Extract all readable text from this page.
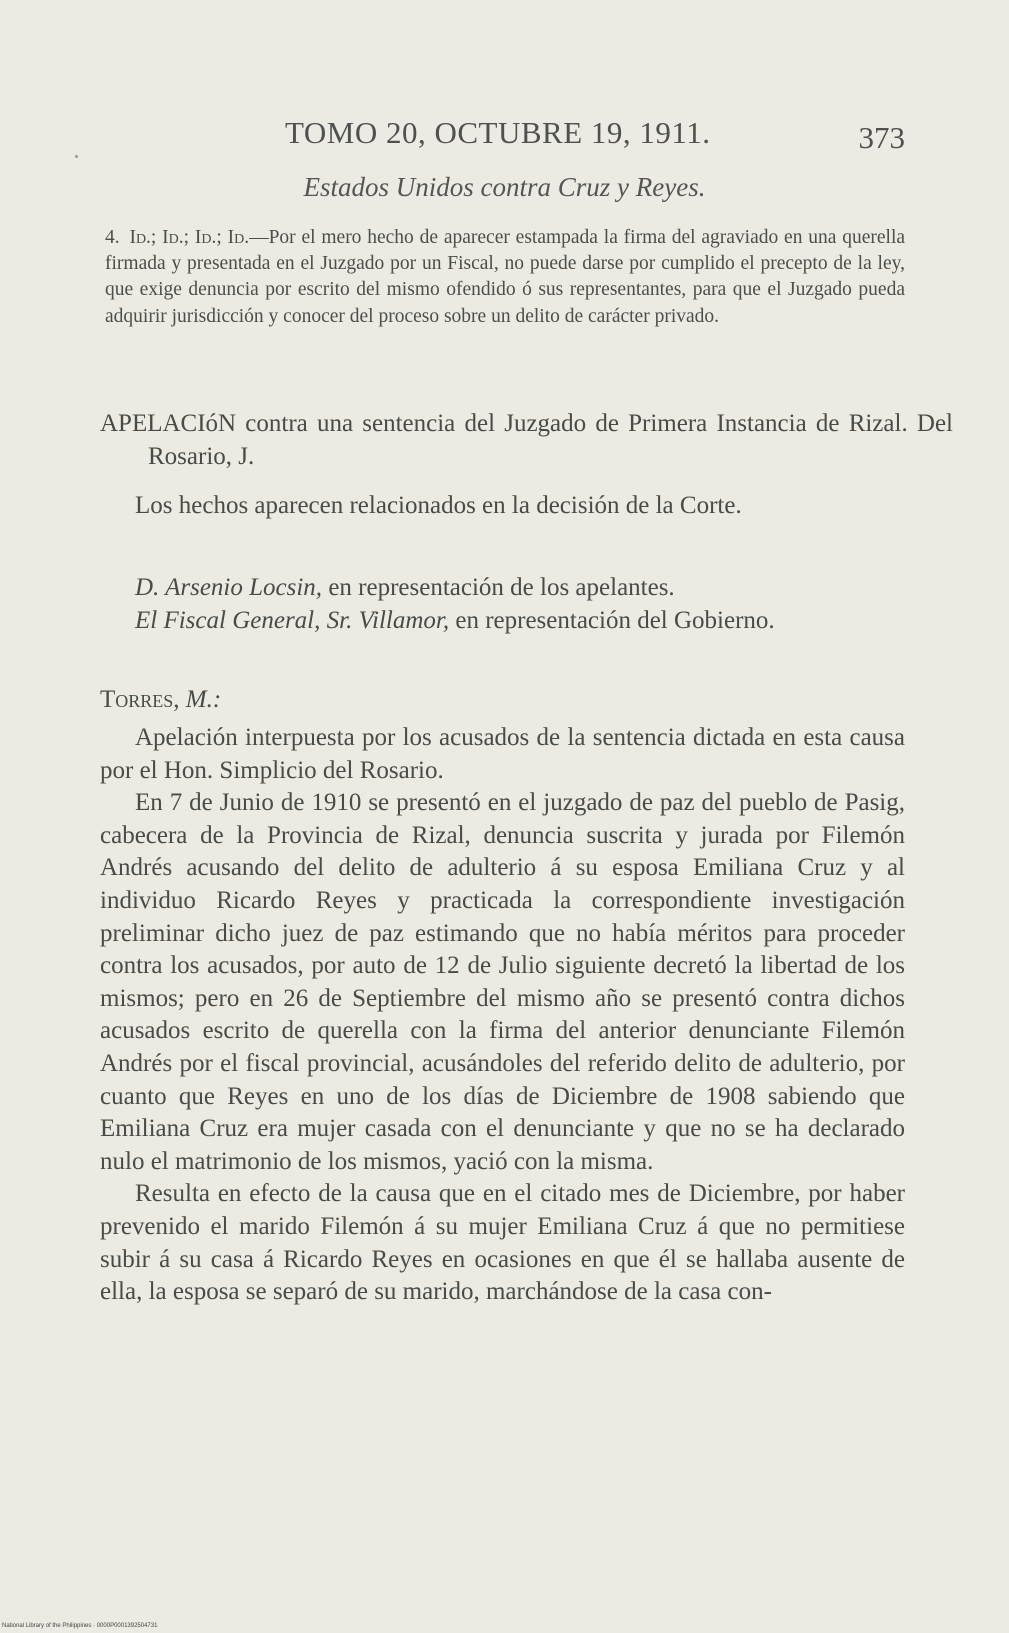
TOMO 20, OCTUBRE 19, 1911.	373
Estados Unidos contra Cruz y Reyes.
4. Id.; Id.; Id.; Id.—Por el mero hecho de aparecer estampada la firma del agraviado en una querella firmada y presentada en el Juzgado por un Fiscal, no puede darse por cumplido el precepto de la ley, que exige denuncia por escrito del mismo ofendido ó sus representantes, para que el Juzgado pueda adquirir jurisdicción y conocer del proceso sobre un delito de carácter privado.
APELACIóN contra una sentencia del Juzgado de Primera Instancia de Rizal. Del Rosario, J.
Los hechos aparecen relacionados en la decisión de la Corte.

D. Arsenio Locsin, en representación de los apelantes.

El Fiscal General, Sr. Villamor, en representación del Gobierno.

Torres, M.:

Apelación interpuesta por los acusados de la sentencia dictada en esta causa por el Hon. Simplicio del Rosario.

En 7 de Junio de 1910 se presentó en el juzgado de paz del pueblo de Pasig, cabecera de la Provincia de Rizal, denuncia suscrita y jurada por Filemón Andrés acusando del delito de adulterio á su esposa Emiliana Cruz y al individuo Ricardo Reyes y practicada la correspondiente investigación preliminar dicho juez de paz estimando que no había méritos para proceder contra los acusados, por auto de 12 de Julio siguiente decretó la libertad de los mismos; pero en 26 de Septiembre del mismo año se presentó contra dichos acusados escrito de querella con la firma del anterior denunciante Filemón Andrés por el fiscal provincial, acusándoles del referido delito de adulterio, por cuanto que Reyes en uno de los días de Diciembre de 1908 sabiendo que Emiliana Cruz era mujer casada con el denunciante y que no se ha declarado nulo el matrimonio de los mismos, yació con la misma.

Resulta en efecto de la causa que en el citado mes de Diciembre, por haber prevenido el marido Filemón á su mujer Emiliana Cruz á que no permitiese subir á su casa á Ricardo Reyes en ocasiones en que él se hallaba ausente de ella, la esposa se separó de su marido, marchándose de la casa con-

National Library of the Philippines · 0000P0001392504731
